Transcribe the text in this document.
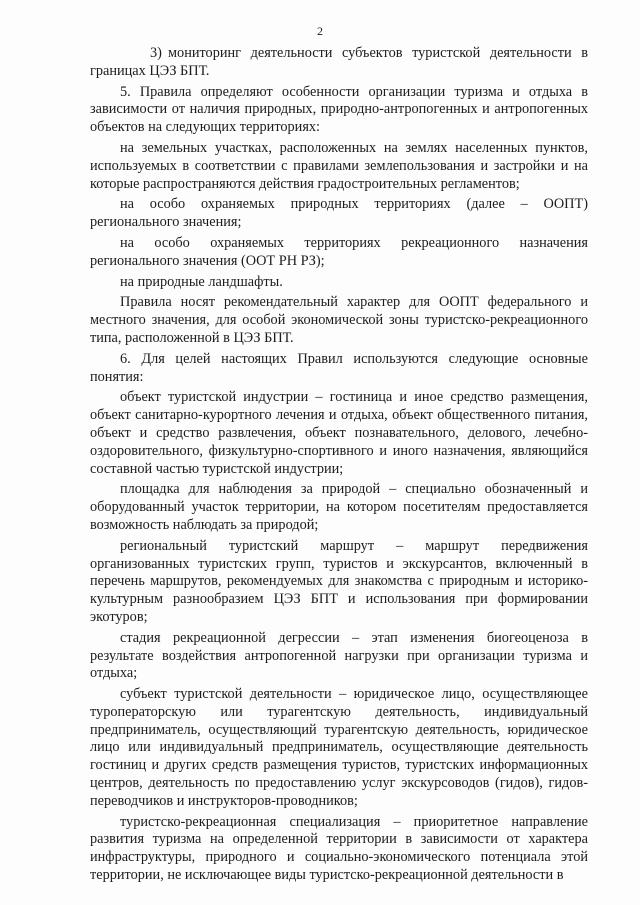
2

3) мониторинг деятельности субъектов туристской деятельности в границах ЦЭЗ БПТ.

5. Правила определяют особенности организации туризма и отдыха в зависимости от наличия природных, природно-антропогенных и антропогенных объектов на следующих территориях:

на земельных участках, расположенных на землях населенных пунктов, используемых в соответствии с правилами землепользования и застройки и на которые распространяются действия градостроительных регламентов;

на особо охраняемых природных территориях (далее – ООПТ) регионального значения;

на особо охраняемых территориях рекреационного назначения регионального значения (ООТ РН РЗ);

на природные ландшафты.

Правила носят рекомендательный характер для ООПТ федерального и местного значения, для особой экономической зоны туристско-рекреационного типа, расположенной в ЦЭЗ БПТ.

6. Для целей настоящих Правил используются следующие основные понятия:

объект туристской индустрии – гостиница и иное средство размещения, объект санитарно-курортного лечения и отдыха, объект общественного питания, объект и средство развлечения, объект познавательного, делового, лечебно-оздоровительного, физкультурно-спортивного и иного назначения, являющийся составной частью туристской индустрии;

площадка для наблюдения за природой – специально обозначенный и оборудованный участок территории, на котором посетителям предоставляется возможность наблюдать за природой;

региональный туристский маршрут – маршрут передвижения организованных туристских групп, туристов и экскурсантов, включенный в перечень маршрутов, рекомендуемых для знакомства с природным и историко-культурным разнообразием ЦЭЗ БПТ и использования при формировании экотуров;

стадия рекреационной дегрессии – этап изменения биогеоценоза в результате воздействия антропогенной нагрузки при организации туризма и отдыха;

субъект туристской деятельности – юридическое лицо, осуществляющее туроператорскую или турагентскую деятельность, индивидуальный предприниматель, осуществляющий турагентскую деятельность, юридическое лицо или индивидуальный предприниматель, осуществляющие деятельность гостиниц и других средств размещения туристов, туристских информационных центров, деятельность по предоставлению услуг экскурсоводов (гидов), гидов-переводчиков и инструкторов-проводников;

туристско-рекреационная специализация – приоритетное направление развития туризма на определенной территории в зависимости от характера инфраструктуры, природного и социально-экономического потенциала этой территории, не исключающее виды туристско-рекреационной деятельности в
